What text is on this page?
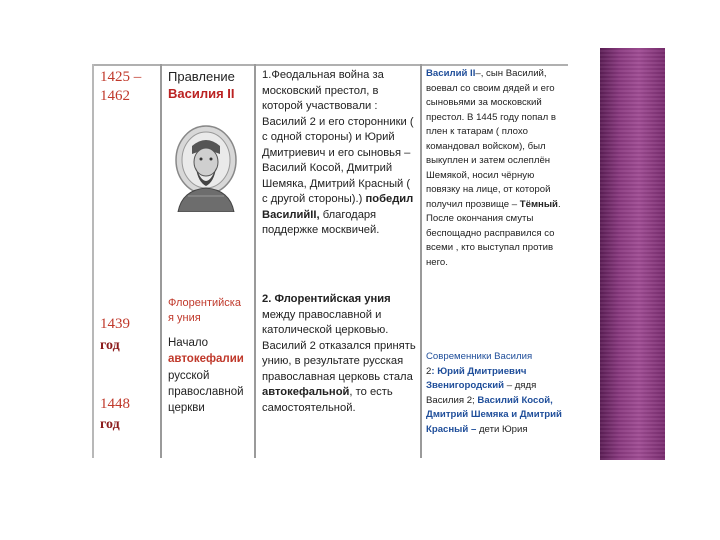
1425 –
1462
1439
год
1448
год
Правление
Василия II
Флорентийска
я уния
Начало
автокефалии
русской
православной
церкви
1.Феодальная война за московский престол, в которой участвовали : Василий 2 и его сторонники ( с одной стороны) и Юрий Дмитриевич и его сыновья – Василий Косой, Дмитрий Шемяка, Дмитрий Красный ( с другой стороны).) победил ВасилийII, благодаря поддержке москвичей.
2. Флорентийская уния между православной и католической церковью. Василий 2 отказался принять унию, в результате русская православная церковь стала автокефальной, то есть самостоятельной.
Василий II–, сын Василий, воевал со своим дядей и его сыновьями за московский престол. В 1445 году попал в плен к татарам ( плохо командовал войском), был выкуплен и затем ослеплён Шемякой, носил чёрную повязку на лице, от которой получил прозвище – Тёмный. После окончания смуты беспощадно расправился со всеми , кто выступал против него.
Современники Василия
2: Юрий Дмитриевич Звенигородский – дядя Василия 2; Василий Косой, Дмитрий Шемяка и Дмитрий Красный – дети Юрия
